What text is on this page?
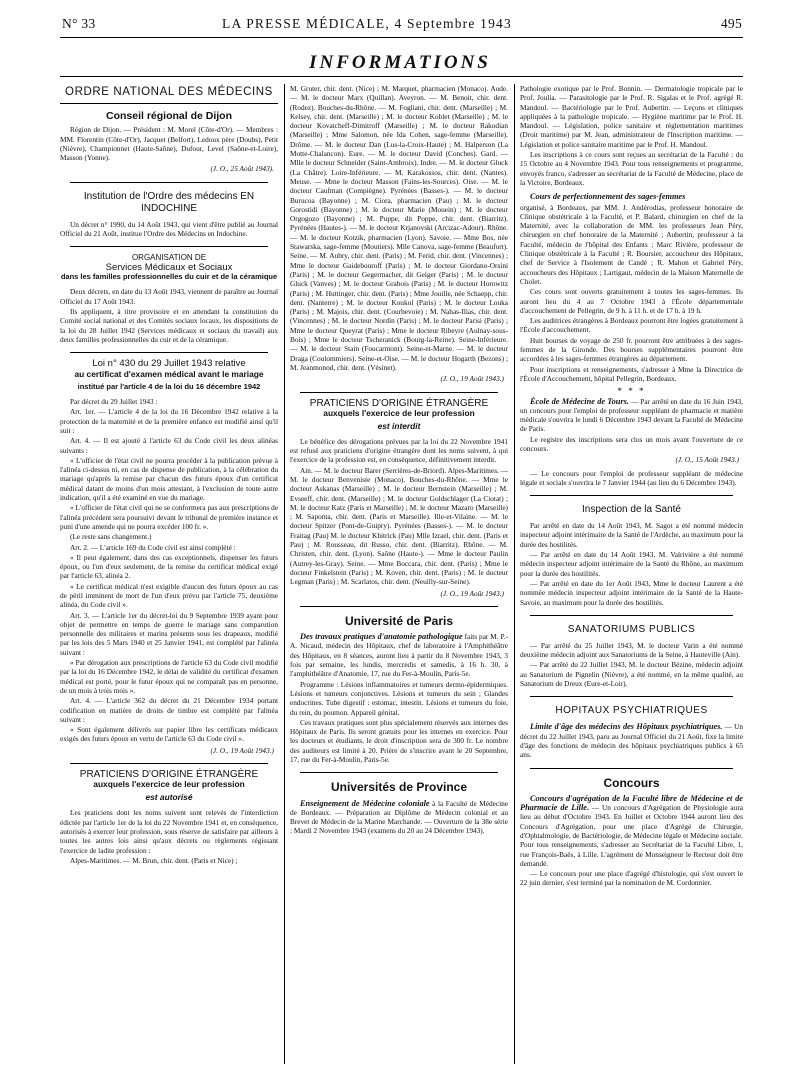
N° 33	LA PRESSE MÉDICALE, 4 Septembre 1943	495
INFORMATIONS
ORDRE NATIONAL DES MÉDECINS
Conseil régional de Dijon

Région de Dijon. — Président : M. Morel (Côte-d'Or). — Membres : MM. Florentin (Côte-d'Or), Jacquet (Belfort), Ledoux père (Doubs), Petit (Nièvre), Championnet (Haute-Saône), Dufour, Level (Saône-et-Loire), Masson (Yonne).

(J. O., 25 Août 1943).
Institution de l'Ordre des médecins EN INDOCHINE

Un décret n° 1990, du 14 Août 1943, qui vient d'être publié au Journal Officiel du 21 Août, institue l'Ordre des Médecins en Indochine.

ORGANISATION DE
Services Médicaux et Sociaux
dans les familles professionnelles du cuir et de la céramique

Deux décrets, en date du 13 Août 1943, viennent de paraître au Journal Officiel du 17 Août 1943.

Ils appliquent, à titre provisoire et en attendant la constitution du Comité social national et des Comités sociaux locaux, les dispositions de la loi du 28 Juillet 1942 (Services médicaux et sociaux du travail) aux deux familles professionnelles du cuir et de la céramique.

Loi n° 430 du 29 Juillet 1943 relative
au certificat d'examen médical avant le mariage
institué par l'article 4 de la loi du 16 décembre 1942

Par décret du 29 Juillet 1943 :

Art. 1er. — L'article 4 de la loi du 16 Décembre 1942 relative à la protection de la maternité et de la première enfance est modifié ainsi qu'il suit :

Art. 4. — Il est ajouté à l'article 63 du Code civil les deux alinéas suivants :

« L'officier de l'état civil ne pourra procéder à la publication prévue à l'alinéa ci-dessus ni, en cas de dispense de publication, à la célébration du mariage qu'après la remise par chacun des futurs époux d'un certificat médical datant de moins d'un mois attestant, à l'exclusion de toute autre indication, qu'il a été examiné en vue du mariage.

« L'officier de l'état civil qui ne se conformera pas aux prescriptions de l'alinéa précédent sera poursuivi devant le tribunal de première instance et puni d'une amende qui ne pourra excéder 100 fr. ».

(Le reste sans changement.)

Art. 2. — L'article 169 du Code civil est ainsi complété :

« Il peut également, dans des cas exceptionnels, dispenser les futurs époux, ou l'un d'eux seulement, de la remise du certificat médical exigé par l'article 63, alinéa 2.

« Le certificat médical n'est exigible d'aucun des futurs époux au cas de péril imminent de mort de l'un d'eux prévu par l'article 75, deuxième alinéa, du Code civil ».

Art. 3. — L'article 1er du décret-loi du 9 Septembre 1939 ayant pour objet de permettre en temps de guerre le mariage sans comparution personnelle des militaires et marins présents sous les drapeaux, modifié par les lois des 5 Mars 1940 et 25 Janvier 1941, est complété par l'alinéa suivant :

« Par dérogation aux prescriptions de l'article 63 du Code civil modifié par la loi du 16 Décembre 1942, le délai de validité du certificat d'examen médical est porté, pour le futur époux qui ne comparaît pas en personne, de un mois à trois mois ».

Art. 4. — L'article 362 du décret du 21 Décembre 1934 portant codification en matière de droits de timbre est complété par l'alinéa suivant :

« Sont également délivrés sur papier libre les certificats médicaux exigés des futurs époux en vertu de l'article 63 du Code civil ».

(J. O., 19 Août 1943.)
PRATICIENS D'ORIGINE ÉTRANGÈRE
auxquels l'exercice de leur profession
est autorisé

Les praticiens dont les noms suivent sont relevés de l'interdiction édictée par l'article 1er de la loi du 22 Novembre 1941 et, en conséquence, autorisés à exercer leur profession, sous réserve de satisfaire par ailleurs à toutes les autres lois ainsi qu'aux décrets ou règlements régissant l'exercice de ladite profession :

Alpes-Maritimes. — M. Brun, chir. dent. (Paris et Nice) ;

M. Gruter, chir. dent. (Nice) ; M. Marquet, pharmacien (Monaco). Aude. — M. le docteur Marx (Quillan). Aveyron. — M. Benoit, chir. dent. (Rodez). Bouches-du-Rhône. — M. Fogliani, chir. dent. (Marseille) ; M. Kelsey, chir. dent. (Marseille) ; M. le docteur Koblet (Marseille) ; M. le docteur Kovatcheff-Dimitroff (Marseille) ; M. le docteur Rakodian (Marseille) ; Mme Salomon, née Ida Cohen, sage-femme (Marseille). Drôme. — M. le docteur Dan (Lus-la-Croix-Haute) ; M. Halperson (La Motte-Chalancon). Eure. — M. le docteur David (Conches). Gard. — Mlle le docteur Schneider (Saint-Ambroix). Indre. — M. le docteur Gluck (La Châtre). Loire-Inférieure. — M. Karakossos, chir. dent. (Nantes). Meuse. — Mme le docteur Masson (Fains-les-Sources). Oise. — M. le docteur Caufman (Compiègne). Pyrénées (Basses-). — M. le docteur Burucoa (Bayonne) ; M. Ciora, pharmacien (Pau) ; M. le docteur Gorostidi (Bayonne) ; M. le docteur Marie (Mouein) ; M. le docteur Orgogozo (Bayonne) ; M. Puppe, dit Poppe, chir. dent. (Biarritz). Pyrénées (Hautes-). — M. le docteur Krjanovski (Arcizac-Adour). Rhône. — M. le docteur Kotzik, pharmacien (Lyon). Savoie. — Mme Bos, née Stawarska, sage-femme (Moutiers). Mlle Canova, sage-femme (Beaufort). Seine. — M. Aubry, chir. dent. (Paris) ; M. Ferid, chir. dent. (Vincennes) ; Mme le docteur Gaidebouroff (Paris) ; M. le docteur Giordano-Orsini (Paris) ; M. le docteur Gegermacher, dit Geiger (Paris) ; M. le docteur Gluck (Vanves) ; M. le docteur Grabois (Paris) ; M. le docteur Horowitz (Paris) ; M. Huttinger, chir. dent. (Paris) ; Mme Jouille, née Schaepp, chir. dent. (Nanterre) ; M. le docteur Koukol (Paris) ; M. le docteur Louka (Paris) ; M. Majois, chir. dent. (Courbevoie) ; M. Nahas-Ilias, chir. dent. (Vincennes) ; M. le docteur Nordin (Paris) ; M. le docteur Parisi (Paris) ; Mme le docteur Queyrat (Paris) ; Mme le docteur Ribeyre (Aulnay-sous-Bois) ; Mme le docteur Tscheranick (Bourg-la-Reine). Seine-Inférieure. — M. le docteur Stain (Foucarmont). Seine-et-Marne. — M. le docteur Draga (Coulommiers). Seine-et-Oise. — M. le docteur Hogarth (Bezons) ; M. Jeanmonod, chir. dent. (Vésinet).

(J. O., 19 Août 1943.)
PRATICIENS D'ORIGINE ÉTRANGÈRE
auxquels l'exercice de leur profession
est interdit

Le bénéfice des dérogations prévues par la loi du 22 Novembre 1941 est refusé aux praticiens d'origine étrangère dont les noms suivent, à qui l'exercice de la profession est, en conséquence, définitivement interdit.

Ain. — M. le docteur Barer (Serrières-de-Briord). Alpes-Maritimes. — M. le docteur Benveniste (Monaco). Bouches-du-Rhône. — Mme le docteur Askanas (Marseille) ; M. le docteur Bernstein (Marseille) ; M. Evseeff, chir. dent. (Marseille) ; M. le docteur Goldschlager (La Ciotat) ; M. le docteur Katz (Paris et Marseille) ; M. le docteur Mazaro (Marseille) ; M. Saponta, chir. dent. (Paris et Marseille). Ille-et-Vilaine. — M. le docteur Spitzer (Pont-de-Guipry). Pyrénées (Basses-). — M. le docteur Fraitag (Pau) M. le docteur Khitrick (Pau) Mlle Izrael, chir. dent. (Paris et Pau) ; M. Rousseau, dit Russo, chir. dent. (Biarritz). Rhône. — M. Christen, chir. dent. (Lyon). Saône (Haute-). — Mme le docteur Paulin (Autrey-les-Gray). Seine. — Mme Boccara, chir. dent. (Paris) ; Mme le docteur Finkelstein (Paris) ; M. Koven, chir. dent. (Paris) ; M. le docteur Legman (Paris) ; M. Scarlatos, chir. dent. (Neuilly-sur-Seine).

(J. O., 19 Août 1943.)
Université de Paris

Des travaux pratiques d'anatomie pathologique faits par M. P.-A. Nicaud, médecin des Hôpitaux, chef de laboratoire à l'Amphithéâtre des Hôpitaux, en 8 séances, auront lieu à partir du 8 Novembre 1943, 3 fois par semaine, les lundis, mercredis et samedis, à 16 h. 30, à l'amphithéâtre d'Anatomie, 17, rue du Fer-à-Moulin, Paris-5e.

Programme : Lésions inflammatoires et tumeurs dermo-épidermiques. Lésions et tumeurs conjonctives. Lésions et tumeurs du sein ; Glandes endocrines. Tube digestif : estomac, intestin. Lésions et tumeurs du foie, du rein, du poumon. Appareil génital.

Ces travaux pratiques sont plus spécialement réservés aux internes des Hôpitaux de Paris. Ils seront gratuits pour les internes en exercice. Pour les docteurs et étudiants, le droit d'inscription sera de 300 fr. Le nombre des auditeurs est limité à 20. Prière de s'inscrire avant le 20 Septembre, 17, rue du Fer-à-Moulin, Paris-5e.

Universités de Province

Enseignement de Médecine coloniale à la Faculté de Médecine de Bordeaux. — Préparation au Diplôme de Médecin colonial et au Brevet de Médecin de la Marine Marchande. — Ouverture de la 38e série : Mardi 2 Novembre 1943 (examens du 20 au 24 Décembre 1943).

Pathologie exotique par le Prof. Bonnin. — Dermatologie tropicale par le Prof. Joulia. — Parasitologie par le Prof. R. Sigalas et le Prof. agrégé R. Mandoul. — Bactériologie par le Prof. Aubertin. — Leçons et cliniques appliquées à la pathologie tropicale. — Hygiène maritime par le Prof. H. Mandoul. — Législation, police sanitaire et réglementation maritimes (Droit maritime) par M. Jean, administrateur de l'Inscription maritime. — Législation et police sanitaire maritime par le Prof. H. Mandoul.

Les inscriptions à ce cours sont reçues au secrétariat de la Faculté : du 15 Octobre au 4 Novembre 1943. Pour tous renseignements et programme, envoyés franco, s'adresser au secrétariat de la Faculté de Médecine, place de la Victoire, Bordeaux.

Cours de perfectionnement des sages-femmes

organisé, à Bordeaux, par MM. J. Andérodias, professeur honoraire de Clinique obstétricale à la Faculté, et P. Balard, chirurgien en chef de la Maternité, avec la collaboration de MM. les professeurs Jean Péry, chirurgien en chef honoraire de la Maternité ; Aubertin, professeur à la Faculté, médecin de l'hôpital des Enfants ; Marc Rivière, professeur de Clinique obstétricale à la Faculté ; R. Boursier, accoucheur des Hôpitaux, chef de Service à l'Isolement de Candé ; R. Mahon et Gabriel Péry, accoucheurs des Hôpitaux ; Lartigaut, médecin de la Maison Maternelle de Cholet.

Ces cours sont ouverts gratuitement à toutes les sages-femmes. Ils auront lieu du 4 au 7 Octobre 1943 à l'École départementale d'accouchement de Pellegrin, de 9 h. à 11 h. et de 17 h. à 19 h.

Les auditrices étrangères à Bordeaux pourront être logées gratuitement à l'École d'accouchement.

Huit bourses de voyage de 250 fr. pourront être attribuées à des sages-femmes de la Gironde. Des bourses supplémentaires pourront être accordées à les sages-femmes étrangères au département.

Pour inscriptions et renseignements, s'adresser à Mme la Directrice de l'École d'Accouchement, hôpital Pellegrin, Bordeaux.

* * *

École de Médecine de Tours. — Par arrêté en date du 16 Juin 1943, un concours pour l'emploi de professeur suppléant de pharmacie et matière médicale s'ouvrira le lundi 6 Décembre 1943 devant la Faculté de Médecine de Paris.

Le registre des inscriptions sera clos un mois avant l'ouverture de ce concours.

(J. O., 15 Août 1943.)

— Le concours pour l'emploi de professeur suppléant de médecine légale et sociale s'ouvrira le 7 Janvier 1944 (au lieu du 6 Décembre 1943).

Inspection de la Santé

Par arrêté en date du 14 Août 1943, M. Sagot a été nommé médecin inspecteur adjoint intérimaire de la Santé de l'Ardèche, au maximum pour la durée des hostilités.

— Par arrêté en date du 14 Août 1943, M. Valrivière a été nommé médecin inspecteur adjoint intérimaire de la Santé du Rhône, au maximum pour la durée des hostilités.

— Par arrêté en date du 1er Août 1943, Mme le docteur Laurent a été nommée médecin inspecteur adjoint intérimaire de la Santé de la Haute-Savoie, au maximum pour la durée des hostilités.

SANATORIUMS PUBLICS

— Par arrêté du 25 Juillet 1943, M. le docteur Varin a été nommé deuxième médecin adjoint aux Sanatoriums de la Seine, à Hauteville (Ain).

— Par arrêté du 22 Juillet 1943, M. le docteur Bézine, médecin adjoint au Sanatorium de Pignelin (Nièvre), a été nommé, en la même qualité, au Sanatorium de Dreux (Eure-et-Loir).

HOPITAUX PSYCHIATRIQUES

Limite d'âge des médecins des Hôpitaux psychiatriques. — Un décret du 22 Juillet 1943, paru au Journal Officiel du 21 Août, fixe la limite d'âge des fonctions de médecin des hôpitaux psychiatriques publics à 65 ans.

Concours

Concours d'agrégation de la Faculté libre de Médecine et de Pharmacie de Lille. — Un concours d'Agrégation de Physiologie aura lieu au début d'Octobre 1943. En Juillet et Octobre 1944 auront lieu des Concours d'Agrégation, pour une place d'Agrégé de Chirurgie, d'Ophtalmologie, de Bactériologie, de Médecine légale et Médecine sociale. Pour tous renseignements, s'adresser au Secrétariat de la Faculté Libre, 1, rue François-Baës, à Lille. L'agrément de Monseigneur le Recteur doit être demandé.

— Le concours pour une place d'agrégé d'histologie, qui s'est ouvert le 22 juin dernier, s'est terminé par la nomination de M. Cordonnier.
